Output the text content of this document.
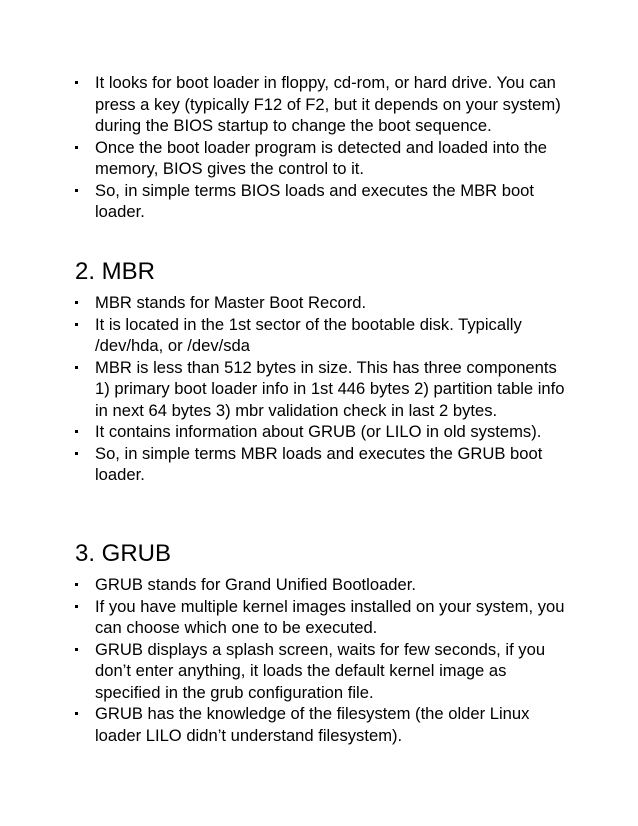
It looks for boot loader in floppy, cd-rom, or hard drive. You can press a key (typically F12 of F2, but it depends on your system) during the BIOS startup to change the boot sequence.
Once the boot loader program is detected and loaded into the memory, BIOS gives the control to it.
So, in simple terms BIOS loads and executes the MBR boot loader.
2. MBR
MBR stands for Master Boot Record.
It is located in the 1st sector of the bootable disk. Typically /dev/hda, or /dev/sda
MBR is less than 512 bytes in size. This has three components 1) primary boot loader info in 1st 446 bytes 2) partition table info in next 64 bytes 3) mbr validation check in last 2 bytes.
It contains information about GRUB (or LILO in old systems).
So, in simple terms MBR loads and executes the GRUB boot loader.
3. GRUB
GRUB stands for Grand Unified Bootloader.
If you have multiple kernel images installed on your system, you can choose which one to be executed.
GRUB displays a splash screen, waits for few seconds, if you don’t enter anything, it loads the default kernel image as specified in the grub configuration file.
GRUB has the knowledge of the filesystem (the older Linux loader LILO didn’t understand filesystem).
